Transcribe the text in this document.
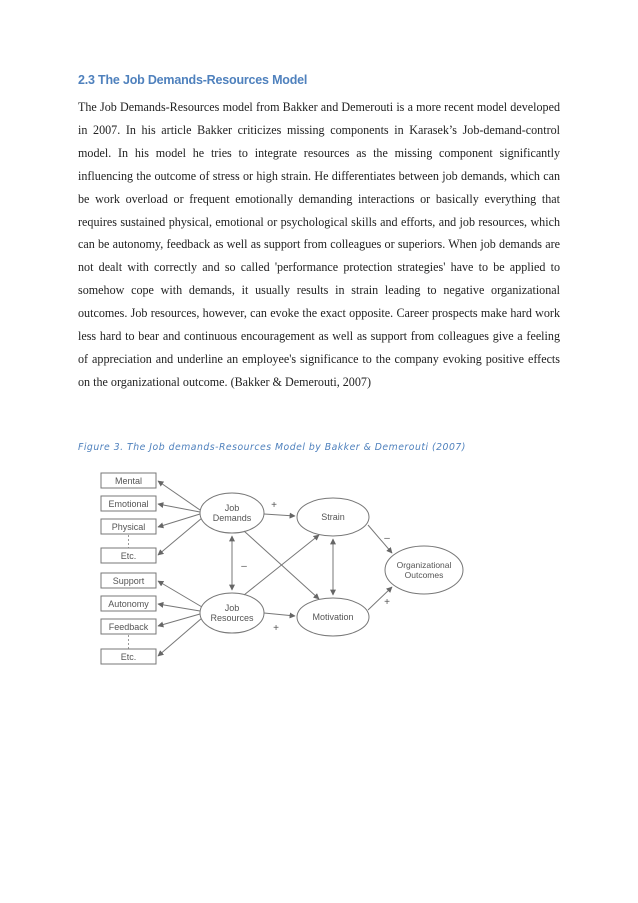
2.3 The Job Demands-Resources Model

The Job Demands-Resources model from Bakker and Demerouti is a more recent model developed in 2007. In his article Bakker criticizes missing components in Karasek’s Job-demand-control model. In his model he tries to integrate resources as the missing component significantly influencing the outcome of stress or high strain. He differentiates between job demands, which can be work overload or frequent emotionally demanding interactions or basically everything that requires sustained physical, emotional or psychological skills and efforts, and job resources, which can be autonomy, feedback as well as support from colleagues or superiors. When job demands are not dealt with correctly and so called 'performance protection strategies' have to be applied to somehow cope with demands, it usually results in strain leading to negative organizational outcomes. Job resources, however, can evoke the exact opposite. Career prospects make hard work less hard to bear and continuous encouragement as well as support from colleagues give a feeling of appreciation and underline an employee's significance to the company evoking positive effects on the organizational outcome. (Bakker & Demerouti, 2007)

Figure 3. The Job demands-Resources Model by Bakker & Demerouti (2007)

Mental
Emotional
Physical
Etc.
Support
Autonomy
Feedback
Etc.
Job
Demands
Job
Resources
Strain
Motivation
Organizational
Outcomes
+
+
–
–
+
